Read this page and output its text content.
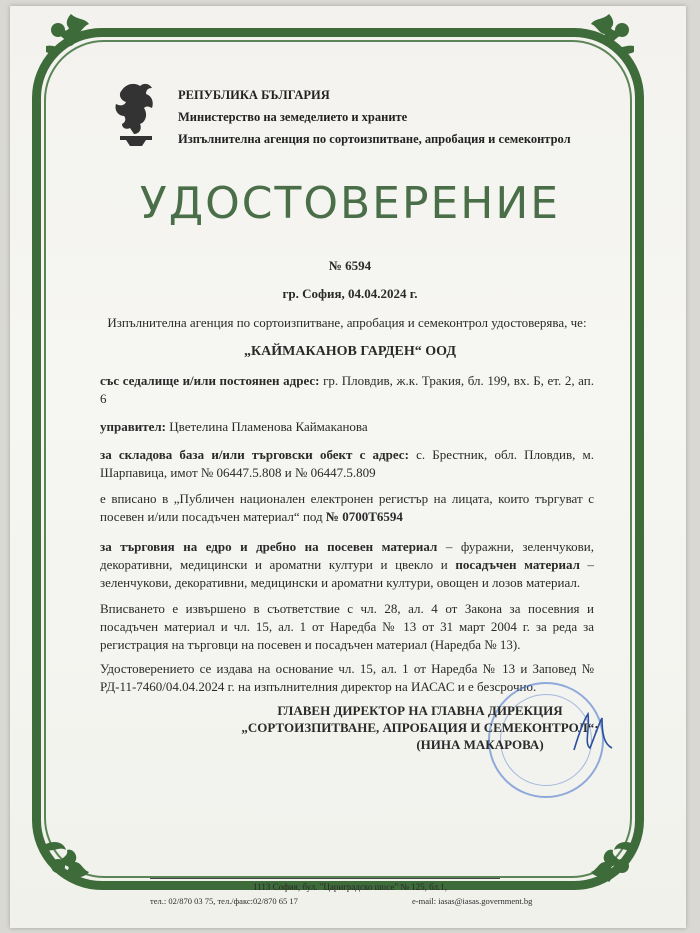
РЕПУБЛИКА БЪЛГАРИЯ
Министерство на земеделието и храните
Изпълнителна агенция по сортоизпитване, апробация и семеконтрол
УДОСТОВЕРЕНИЕ
№ 6594
гр. София, 04.04.2024 г.
Изпълнителна агенция по сортоизпитване, апробация и семеконтрол удостоверява, че:
„КАЙМАКАНОВ ГАРДЕН“ ООД
със седалище и/или постоянен адрес: гр. Пловдив, ж.к. Тракия, бл. 199, вх. Б, ет. 2, ап. 6
управител: Цветелина Пламенова Каймаканова
за складова база и/или търговски обект с адрес: с. Брестник, обл. Пловдив, м. Шарпавица, имот № 06447.5.808 и № 06447.5.809
е вписано в „Публичен национален електронен регистър на лицата, които търгуват с посевен и/или посадъчен материал“ под № 0700Т6594
за търговия на едро и дребно на посевен материал – фуражни, зеленчукови, декоративни, медицински и ароматни култури и цвекло и посадъчен материал – зеленчукови, декоративни, медицински и ароматни култури, овощен и лозов материал.
Вписването е извършено в съответствие с чл. 28, ал. 4 от Закона за посевния и посадъчен материал и чл. 15, ал. 1 от Наредба № 13 от 31 март 2004 г. за реда за регистрация на търговци на посевен и посадъчен материал (Наредба № 13).
Удостоверението се издава на основание чл. 15, ал. 1 от Наредба № 13 и Заповед № РД-11-7460/04.04.2024 г. на изпълнителния директор на ИАСАС и е безсрочно.
ГЛАВЕН ДИРЕКТОР НА ГЛАВНА ДИРЕКЦИЯ
„СОРТОИЗПИТВАНЕ, АПРОБАЦИЯ И СЕМЕКОНТРОЛ“:
(НИНА МАКАРОВА)
1113 София, бул. "Цариградско шосе" № 125, бл.1,
тел.: 02/870 03 75, тел./факс:02/870 65 17	e-mail: iasas@iasas.government.bg
